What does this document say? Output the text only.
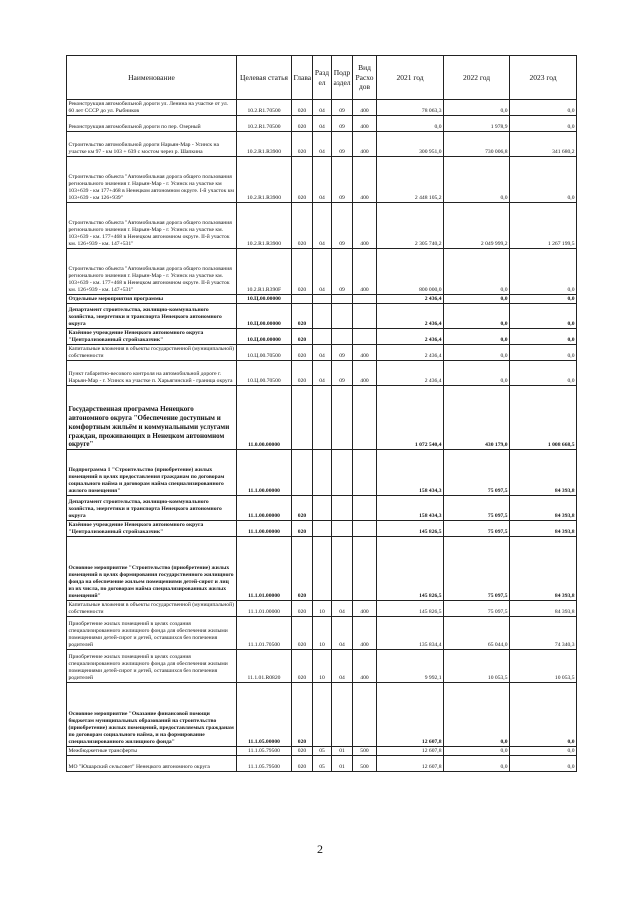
Наименование	Целевая статья	Глава	Разд ел	Подр аздел	Вид Расхо дов	2021 год	2022 год	2023 год
Реконструкция автомобильной дороги ул. Ленина на участке от ул. 60 лет СССР до ул. Рыбников	10.2.R1.70500	020	04	09	400	78 063,3	0,0	0,0
Реконструкция автомобильной дороги по пер. Озерный	10.2.R1.70500	020	04	09	400	0,0	1 978,9	0,0
Строительство автомобильной дороги Нарьян-Мар - Усинск на участке км 97 - км 103 + 639 с мостом через р. Шапкина	10.2.R1.R3900	020	04	09	400	300 951,0	730 006,8	341 680,2
Строительство объекта "Автомобильная дорога общего пользования регионального значения г. Нарьян-Мар - г. Усинск на участке км 103+639 - км 177+468 в Ненецком автономном округе. I-й участок км 103+639 - км 126+939"	10.2.R1.R3900	020	04	09	400	2 448 105,2	0,0	0,0
Строительство объекта "Автомобильная дорога общего пользования регионального значения г. Нарьян-Мар - г. Усинск на участке км. 103+639 - км. 177+468 в Ненецком автономном округе. II-й участок км. 126+939 - км. 147+531"	10.2.R1.R3900	020	04	09	400	2 305 740,2	2 049 999,2	1 267 199,5
Строительство объекта "Автомобильная дорога общего пользования регионального значения г. Нарьян-Мар - г. Усинск на участке км. 103+639 - км. 177+468 в Ненецком автономном округе. II-й участок км. 126+939 - км. 147+531"	10.2.R1.R390F	020	04	09	400	800 000,0	0,0	0,0
Отдельные мероприятия программы	10.Ц.00.00000					2 436,4	0,0	0,0
Департамент строительства, жилищно-коммунального хозяйства, энергетики и транспорта Ненецкого автономного округа	10.Ц.00.00000	020				2 436,4	0,0	0,0
Казённое учреждение Ненецкого автономного округа "Централизованный стройзаказчик"	10.Ц.00.00000	020				2 436,4	0,0	0,0
Капитальные вложения в объекты государственной (муниципальной) собственности	10.Ц.00.70500	020	04	09	400	2 436,4	0,0	0,0
Пункт габаритно-весового контроля на автомобильной дороге г. Нарьян-Мар - г. Усинск на участке п. Харьягинский - граница округа	10.Ц.00.70500	020	04	09	400	2 436,4	0,0	0,0
Государственная программа Ненецкого автономного округа "Обеспечение доступным и комфортным жильём и коммунальными услугами граждан, проживающих в Ненецком автономном округе"	11.0.00.00000					1 072 540,4	430 179,0	1 008 668,5
Подпрограмма 1 "Строительство (приобретение) жилых помещений в целях предоставления гражданам по договорам социального найма и договорам найма специализированного жилого помещения"	11.1.00.00000					158 434,3	75 097,5	84 393,8
Департамент строительства, жилищно-коммунального хозяйства, энергетики и транспорта Ненецкого автономного округа	11.1.00.00000	020				158 434,3	75 097,5	84 393,8
Казённое учреждение Ненецкого автономного округа "Централизованный стройзаказчик"	11.1.00.00000	020				145 826,5	75 097,5	84 393,8
Основное мероприятие "Строительство (приобретение) жилых помещений в целях формирования государственного жилищного фонда на обеспечение жильем помещениями детей-сирот и лиц из их числа, по договорам найма специализированных жилых помещений"	11.1.01.00000	020				145 826,5	75 097,5	84 393,8
Капитальные вложения в объекты государственной (муниципальной) собственности	11.1.01.00000	020	10	04	400	145 826,5	75 097,5	84 393,8
Приобретение жилых помещений в целях создания специализированного жилищного фонда для обеспечения жилыми помещениями детей-сирот и детей, оставшихся без попечения родителей	11.1.01.70500	020	10	04	400	135 834,4	65 044,0	74 340,3
Приобретение жилых помещений в целях создания специализированного жилищного фонда для обеспечения жилыми помещениями детей-сирот и детей, оставшихся без попечения родителей	11.1.01.R0820	020	10	04	400	9 992,1	10 053,5	10 053,5
Основное мероприятие "Оказание финансовой помощи бюджетам муниципальных образований на строительство (приобретение) жилых помещений, предоставляемых гражданам по договорам социального найма, и на формирование специализированного жилищного фонда"	11.1.05.00000	020				12 607,8	0,0	0,0
Межбюджетные трансферты	11.1.05.79500	020	05	01	500	12 607,8	0,0	0,0
МО "Юшарский сельсовет" Ненецкого автономного округа	11.1.05.79500	020	05	01	500	12 607,8	0,0	0,0
2
